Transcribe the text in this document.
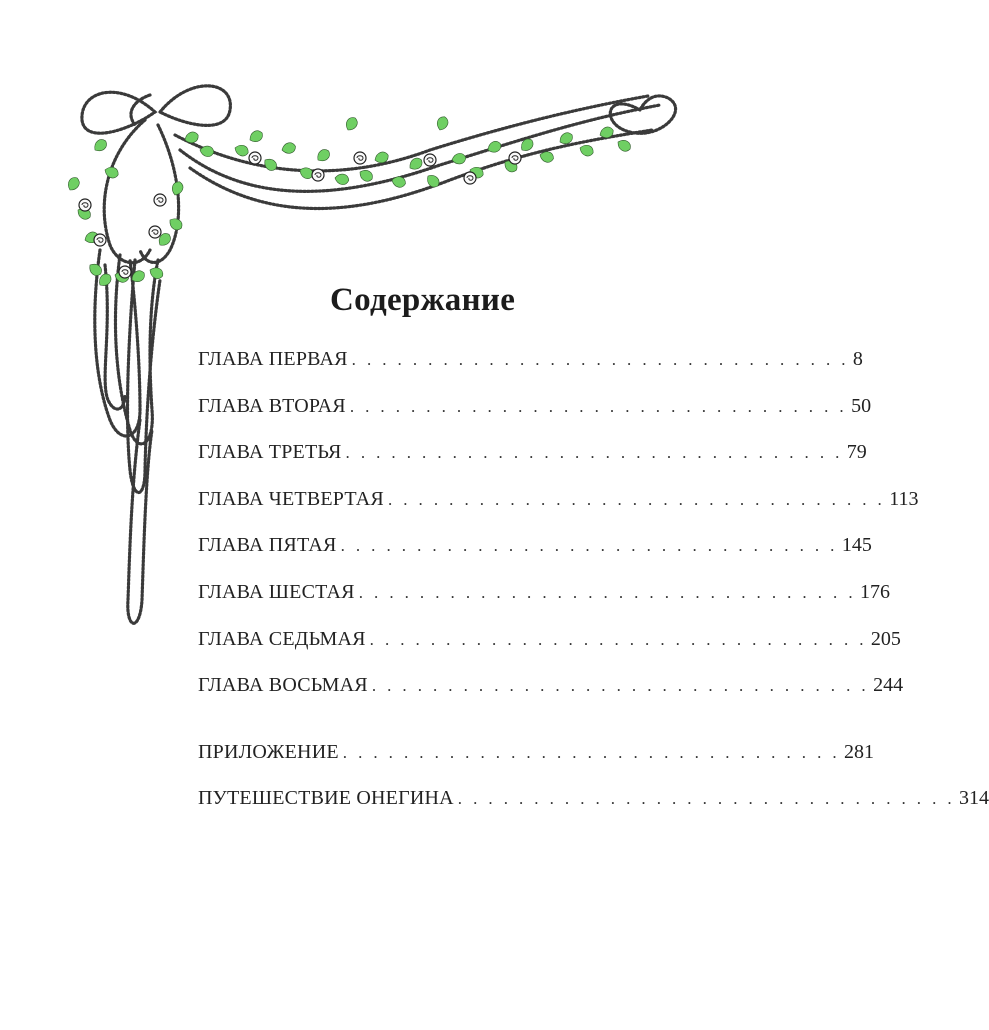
Содержание
ГЛАВА ПЕРВАЯ . . . . . . . . . . . . . . . . . . . . . . . . . . . . . . . . . 8
ГЛАВА ВТОРАЯ . . . . . . . . . . . . . . . . . . . . . . . . . . . . . . . . . 50
ГЛАВА ТРЕТЬЯ . . . . . . . . . . . . . . . . . . . . . . . . . . . . . . . . . 79
ГЛАВА ЧЕТВЕРТАЯ . . . . . . . . . . . . . . . . . . . . . . . . . . . . . . . . . 113
ГЛАВА ПЯТАЯ . . . . . . . . . . . . . . . . . . . . . . . . . . . . . . . . . 145
ГЛАВА ШЕСТАЯ . . . . . . . . . . . . . . . . . . . . . . . . . . . . . . . . . 176
ГЛАВА СЕДЬМАЯ . . . . . . . . . . . . . . . . . . . . . . . . . . . . . . . . . 205
ГЛАВА ВОСЬМАЯ . . . . . . . . . . . . . . . . . . . . . . . . . . . . . . . . . 244
ПРИЛОЖЕНИЕ . . . . . . . . . . . . . . . . . . . . . . . . . . . . . . . . . 281
ПУТЕШЕСТВИЕ ОНЕГИНА . . . . . . . . . . . . . . . . . . . . . . . . . . . . . . . . . 314
